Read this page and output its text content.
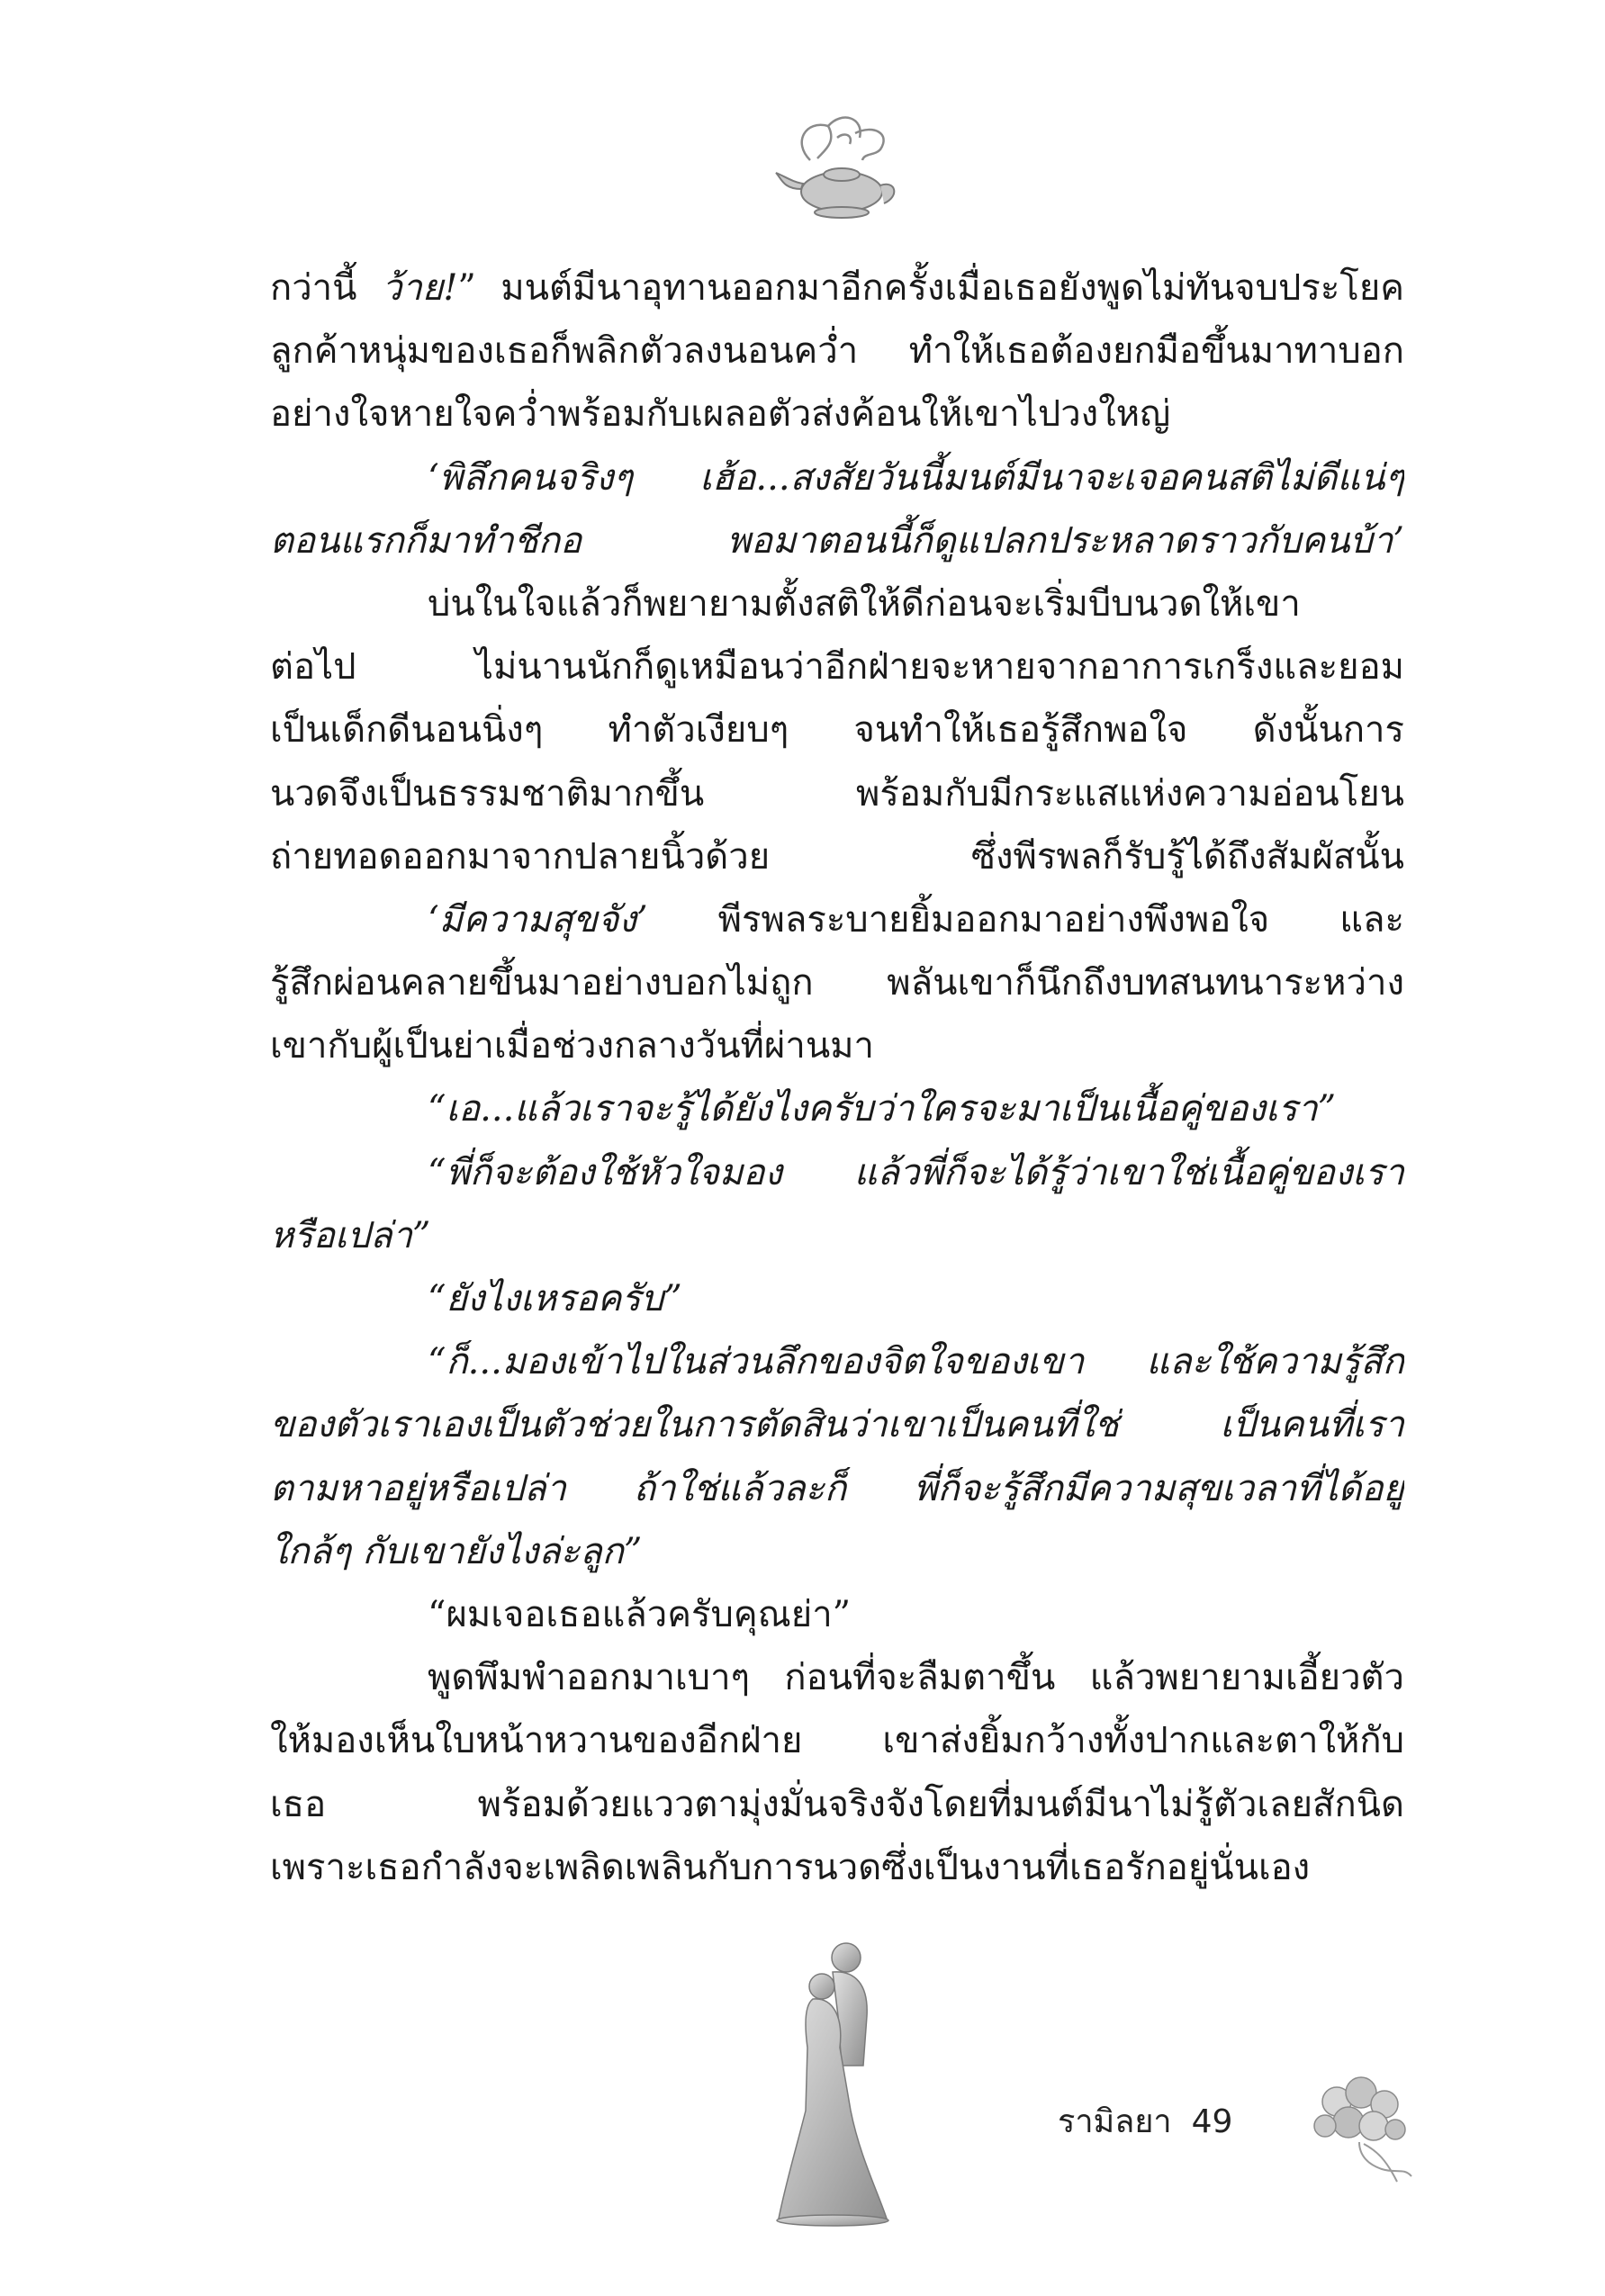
กว่านี้ ว้าย!” มนต์มีนาอุทานออกมาอีกครั้งเมื่อเธอยังพูดไม่ทันจบประโยค
ลูกค้าหนุ่มของเธอก็พลิกตัวลงนอนคว่ำ ทำให้เธอต้องยกมือขึ้นมาทาบอก
อย่างใจหายใจคว่ำพร้อมกับเผลอตัวส่งค้อนให้เขาไปวงใหญ่
‘พิลึกคนจริงๆ เฮ้อ...สงสัยวันนี้มนต์มีนาจะเจอคนสติไม่ดีแน่ๆ
ตอนแรกก็มาทำชีกอ พอมาตอนนี้ก็ดูแปลกประหลาดราวกับคนบ้า’
บ่นในใจแล้วก็พยายามตั้งสติให้ดีก่อนจะเริ่มบีบนวดให้เขา
ต่อไป ไม่นานนักก็ดูเหมือนว่าอีกฝ่ายจะหายจากอาการเกร็งและยอม
เป็นเด็กดีนอนนิ่งๆ ทำตัวเงียบๆ จนทำให้เธอรู้สึกพอใจ ดังนั้นการ
นวดจึงเป็นธรรมชาติมากขึ้น พร้อมกับมีกระแสแห่งความอ่อนโยน
ถ่ายทอดออกมาจากปลายนิ้วด้วย ซึ่งพีรพลก็รับรู้ได้ถึงสัมผัสนั้น
‘มีความสุขจัง’ พีรพลระบายยิ้มออกมาอย่างพึงพอใจ และ
รู้สึกผ่อนคลายขึ้นมาอย่างบอกไม่ถูก พลันเขาก็นึกถึงบทสนทนาระหว่าง
เขากับผู้เป็นย่าเมื่อช่วงกลางวันที่ผ่านมา
“เอ...แล้วเราจะรู้ได้ยังไงครับว่าใครจะมาเป็นเนื้อคู่ของเรา”
“พี่ก็จะต้องใช้หัวใจมอง แล้วพี่ก็จะได้รู้ว่าเขาใช่เนื้อคู่ของเรา
หรือเปล่า”
“ยังไงเหรอครับ”
“ก็...มองเข้าไปในส่วนลึกของจิตใจของเขา และใช้ความรู้สึก
ของตัวเราเองเป็นตัวช่วยในการตัดสินว่าเขาเป็นคนที่ใช่ เป็นคนที่เรา
ตามหาอยู่หรือเปล่า ถ้าใช่แล้วละก็ พี่ก็จะรู้สึกมีความสุขเวลาที่ได้อยู่
ใกล้ๆ กับเขายังไงล่ะลูก”
“ผมเจอเธอแล้วครับคุณย่า”
พูดพึมพำออกมาเบาๆ ก่อนที่จะลืมตาขึ้น แล้วพยายามเอี้ยวตัว
ให้มองเห็นใบหน้าหวานของอีกฝ่าย เขาส่งยิ้มกว้างทั้งปากและตาให้กับ
เธอ พร้อมด้วยแววตามุ่งมั่นจริงจังโดยที่มนต์มีนาไม่รู้ตัวเลยสักนิด
เพราะเธอกำลังจะเพลิดเพลินกับการนวดซึ่งเป็นงานที่เธอรักอยู่นั่นเอง
รามิลยา 49
